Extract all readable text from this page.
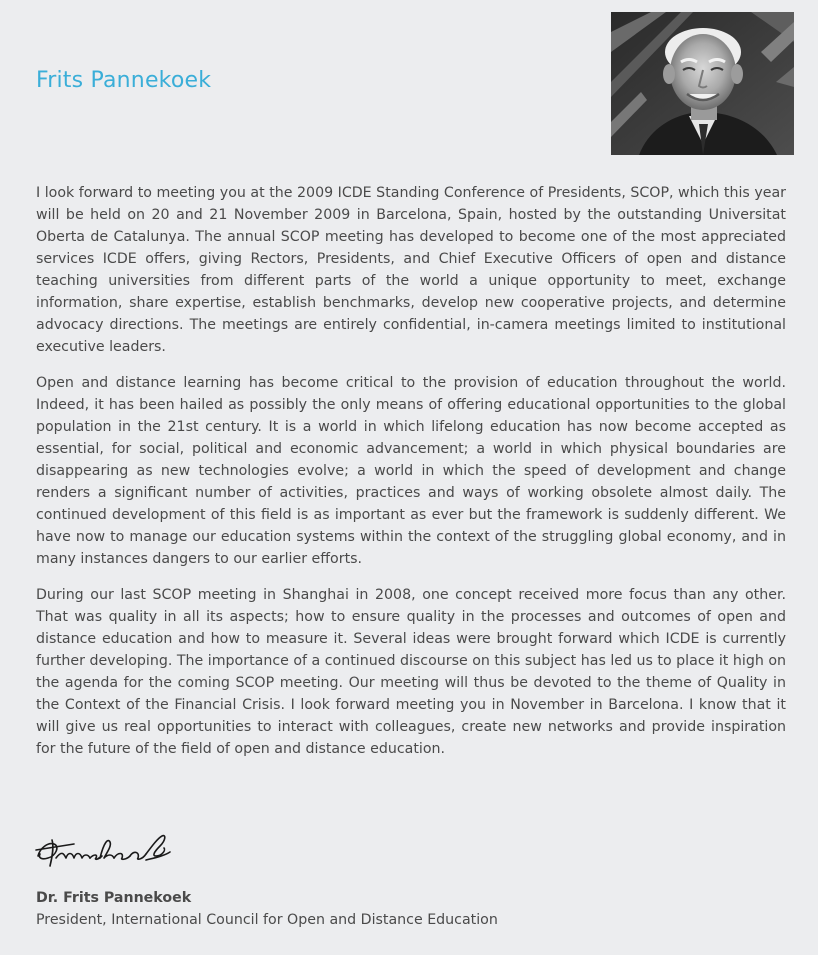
Frits Pannekoek

I look forward to meeting you at the 2009 ICDE Standing Conference of Presidents, SCOP, which this year will be held on 20 and 21 November 2009 in Barcelona, Spain, hosted by the outstanding Universitat Oberta de Catalunya. The annual SCOP meeting has developed to become one of the most appreciated services ICDE offers, giving Rectors, Presidents, and Chief Executive Officers of open and distance teaching universities from different parts of the world a unique opportunity to meet, exchange information, share expertise, establish benchmarks, develop new cooperative projects, and determine advocacy directions. The meetings are entirely confidential, in-camera meetings limited to institutional executive leaders.

Open and distance learning has become critical to the provision of education throughout the world. Indeed, it has been hailed as possibly the only means of offering educational opportunities to the global population in the 21st century. It is a world in which lifelong education has now become accepted as essential, for social, political and economic advancement; a world in which physical boundaries are disappearing as new technologies evolve; a world in which the speed of development and change renders a significant number of activities, practices and ways of working obsolete almost daily. The continued development of this field is as important as ever but the framework is suddenly different. We have now to manage our education systems within the context of the struggling global economy, and in many instances dangers to our earlier efforts.

During our last SCOP meeting in Shanghai in 2008, one concept received more focus than any other. That was quality in all its aspects; how to ensure quality in the processes and outcomes of open and distance education and how to measure it. Several ideas were brought forward which ICDE is currently further developing. The importance of a continued discourse on this subject has led us to place it high on the agenda for the coming SCOP meeting. Our meeting will thus be devoted to the theme of Quality in the Context of the Financial Crisis. I look forward meeting you in November in Barcelona. I know that it will give us real opportunities to interact with colleagues, create new networks and provide inspiration for the future of the field of open and distance education.

Dr. Frits Pannekoek

President, International Council for Open and Distance Education
